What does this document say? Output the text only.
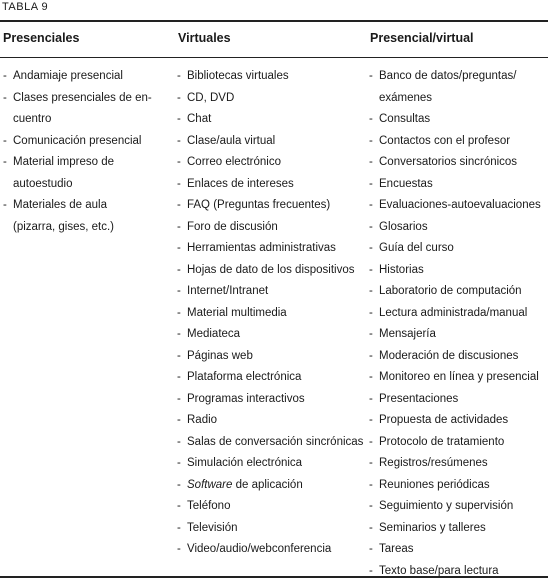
TABLA 9
Presenciales
- Andamiaje presencial
- Clases presenciales de en-
cuentro
- Comunicación presencial
- Material impreso de
autoestudio
- Materiales de aula
(pizarra, gises, etc.)
Virtuales
- Bibliotecas virtuales
- CD, DVD
- Chat
- Clase/aula virtual
- Correo electrónico
- Enlaces de intereses
- FAQ (Preguntas frecuentes)
- Foro de discusión
- Herramientas administrativas
- Hojas de dato de los dispositivos
- Internet/Intranet
- Material multimedia
- Mediateca
- Páginas web
- Plataforma electrónica
- Programas interactivos
- Radio
- Salas de conversación sincrónicas
- Simulación electrónica
- Software de aplicación
- Teléfono
- Televisión
- Video/audio/webconferencia
Presencial/virtual
- Banco de datos/preguntas/
exámenes
- Consultas
- Contactos con el profesor
- Conversatorios sincrónicos
- Encuestas
- Evaluaciones-autoevaluaciones
- Glosarios
- Guía del curso
- Historias
- Laboratorio de computación
- Lectura administrada/manual
- Mensajería
- Moderación de discusiones
- Monitoreo en línea y presencial
- Presentaciones
- Propuesta de actividades
- Protocolo de tratamiento
- Registros/resúmenes
- Reuniones periódicas
- Seguimiento y supervisión
- Seminarios y talleres
- Tareas
- Texto base/para lectura
